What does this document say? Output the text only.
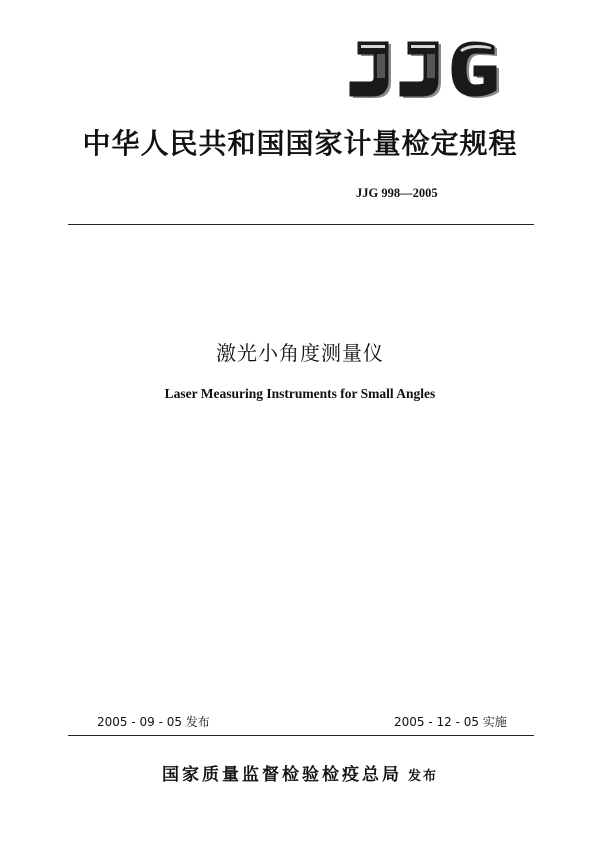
中华人民共和国国家计量检定规程
JJG 998—2005
激光小角度测量仪
Laser Measuring Instruments for Small Angles
2005 - 09 - 05 发布	2005 - 12 - 05 实施
国家质量监督检验检疫总局 发布
